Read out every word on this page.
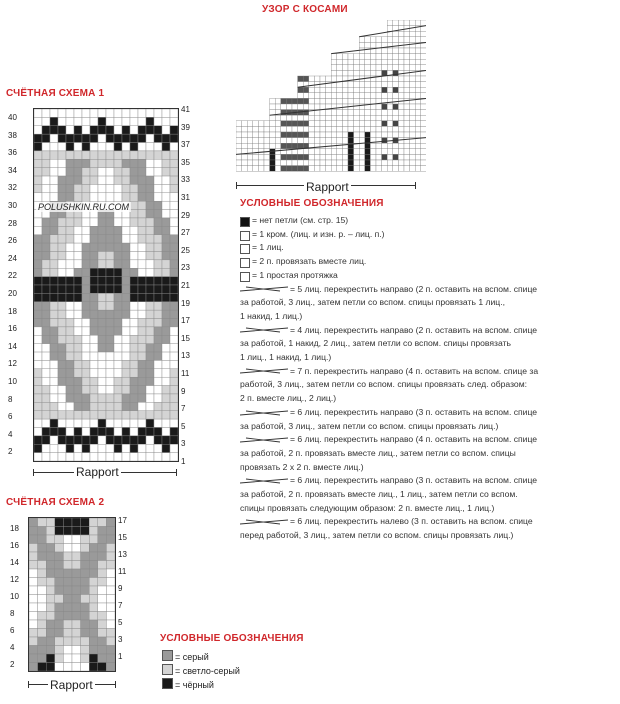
УЗОР С КОСАМИ
Rapport
СЧЁТНАЯ СХЕМА 1
40
38
36
34
32
30
28
26
24
22
20
18
16
14
12
10
8
6
4
2
41
39
37
35
33
31
29
27
25
23
21
19
17
15
13
11
9
7
5
3
1
POLUSHKIN.RU.COM
Rapport
СЧЁТНАЯ СХЕМА 2
18
16
14
12
10
8
6
4
2
17
15
13
11
9
7
5
3
1
Rapport
УСЛОВНЫЕ ОБОЗНАЧЕНИЯ
= нет петли (см. стр. 15)
= 1 кром. (лиц. и изн. р. – лиц. п.)
= 1 лиц.
= 2 п. провязать вместе лиц.
= 1 простая протяжка
= 5 лиц. перекрестить направо (2 п. оставить на вспом. спице
за работой, 3 лиц., затем петли со вспом. спицы провязать 1 лиц.,
1 накид, 1 лиц.)
= 4 лиц. перекрестить направо (2 п. оставить на вспом. спице
за работой, 1 накид, 2 лиц., затем петли со вспом. спицы провязать
1 лиц., 1 накид, 1 лиц.)
= 7 п. перекрестить направо (4 п. оставить на вспом. спице за
работой, 3 лиц., затем петли со вспом. спицы провязать след. образом:
2 п. вместе лиц., 2 лиц.)
= 6 лиц. перекрестить направо (3 п. оставить на вспом. спице
за работой, 3 лиц., затем петли со вспом. спицы провязать лиц.)
= 6 лиц. перекрестить направо (4 п. оставить на вспом. спице
за работой, 2 п. провязать вместе лиц., затем петли со вспом. спицы
провязать 2 х 2 п. вместе лиц.)
= 6 лиц. перекрестить направо (3 п. оставить на вспом. спице
за работой, 2 п. провязать вместе лиц., 1 лиц., затем петли со вспом.
спицы провязать следующим образом: 2 п. вместе лиц., 1 лиц.)
= 6 лиц. перекрестить налево (3 п. оставить на вспом. спице
перед работой, 3 лиц., затем петли со вспом. спицы провязать лиц.)
УСЛОВНЫЕ ОБОЗНАЧЕНИЯ
= серый
= светло-серый
= чёрный
